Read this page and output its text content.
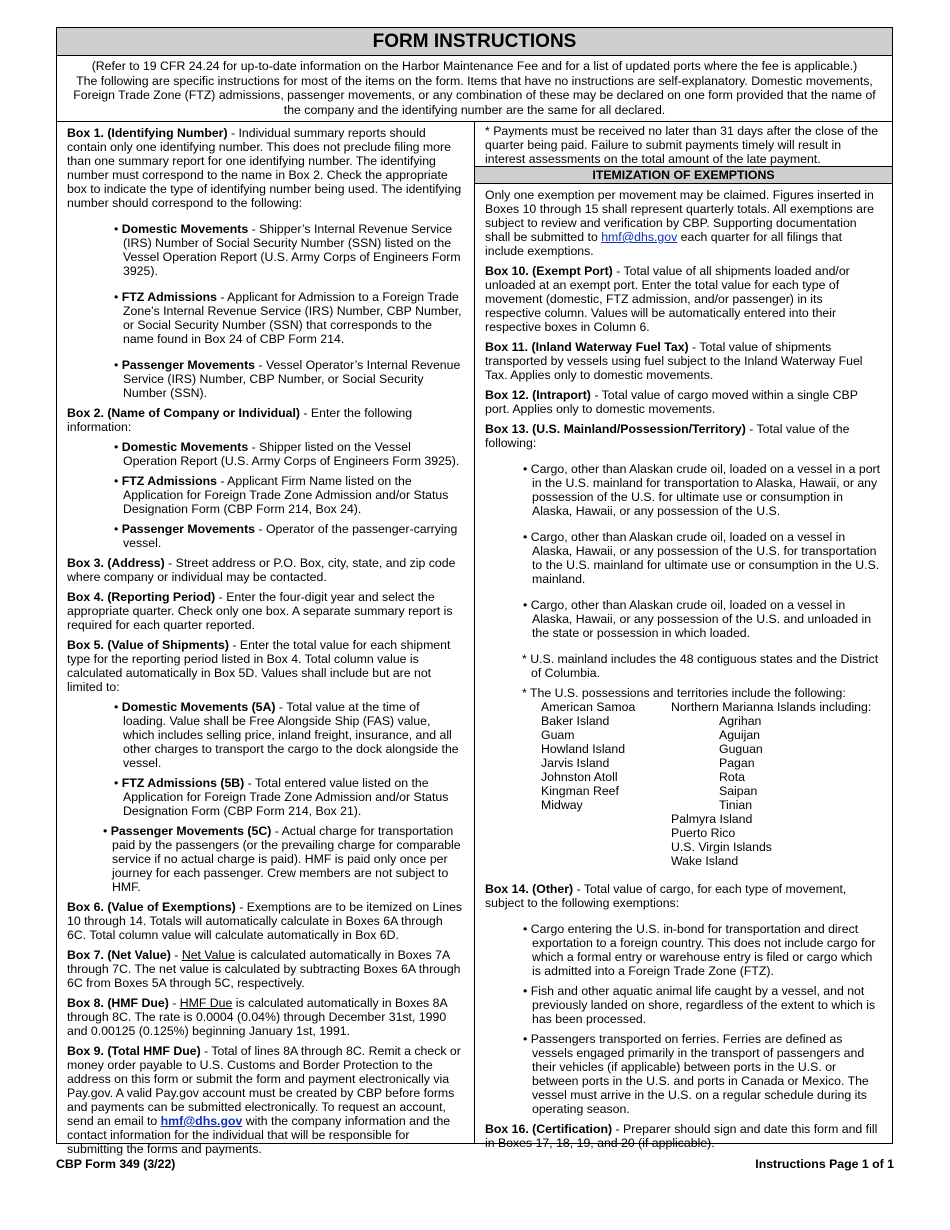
FORM INSTRUCTIONS

(Refer to 19 CFR 24.24 for up-to-date information on the Harbor Maintenance Fee and for a list of updated ports where the fee is applicable.)

The following are specific instructions for most of the items on the form. Items that have no instructions are self-explanatory. Domestic movements, Foreign Trade Zone (FTZ) admissions, passenger movements, or any combination of these may be declared on one form provided that the name of the company and the identifying number are the same for all declared.

Box 1. (Identifying Number) - Individual summary reports should contain only one identifying number. This does not preclude filing more than one summary report for one identifying number. The identifying number must correspond to the name in Box 2. Check the appropriate box to indicate the type of identifying number being used. The identifying number should correspond to the following:

• Domestic Movements - Shipper’s Internal Revenue Service (IRS) Number of Social Security Number (SSN) listed on the Vessel Operation Report (U.S. Army Corps of Engineers Form 3925).

• FTZ Admissions - Applicant for Admission to a Foreign Trade Zone’s Internal Revenue Service (IRS) Number, CBP Number, or Social Security Number (SSN) that corresponds to the name found in Box 24 of CBP Form 214.

• Passenger Movements - Vessel Operator’s Internal Revenue Service (IRS) Number, CBP Number, or Social Security Number (SSN).

Box 2. (Name of Company or Individual) - Enter the following information:

• Domestic Movements - Shipper listed on the Vessel Operation Report (U.S. Army Corps of Engineers Form 3925).

• FTZ Admissions - Applicant Firm Name listed on the Application for Foreign Trade Zone Admission and/or Status Designation Form (CBP Form 214, Box 24).

• Passenger Movements - Operator of the passenger-carrying vessel.

Box 3. (Address) - Street address or P.O. Box, city, state, and zip code where company or individual may be contacted.

Box 4. (Reporting Period) - Enter the four-digit year and select the appropriate quarter. Check only one box. A separate summary report is required for each quarter reported.

Box 5. (Value of Shipments) - Enter the total value for each shipment type for the reporting period listed in Box 4. Total column value is calculated automatically in Box 5D. Values shall include but are not limited to:

• Domestic Movements (5A) - Total value at the time of loading. Value shall be Free Alongside Ship (FAS) value, which includes selling price, inland freight, insurance, and all other charges to transport the cargo to the dock alongside the vessel.

• FTZ Admissions (5B) - Total entered value listed on the Application for Foreign Trade Zone Admission and/or Status Designation Form (CBP Form 214, Box 21).

• Passenger Movements (5C) - Actual charge for transportation paid by the passengers (or the prevailing charge for comparable service if no actual charge is paid). HMF is paid only once per journey for each passenger. Crew members are not subject to HMF.

Box 6. (Value of Exemptions) - Exemptions are to be itemized on Lines 10 through 14. Totals will automatically calculate in Boxes 6A through 6C. Total column value will calculate automatically in Box 6D.

Box 7. (Net Value) - Net Value is calculated automatically in Boxes 7A through 7C. The net value is calculated by subtracting Boxes 6A through 6C from Boxes 5A through 5C, respectively.

Box 8. (HMF Due) - HMF Due is calculated automatically in Boxes 8A through 8C. The rate is 0.0004 (0.04%) through December 31st, 1990 and 0.00125 (0.125%) beginning January 1st, 1991.

Box 9. (Total HMF Due) - Total of lines 8A through 8C. Remit a check or money order payable to U.S. Customs and Border Protection to the address on this form or submit the form and payment electronically via Pay.gov. A valid Pay.gov account must be created by CBP before forms and payments can be submitted electronically. To request an account, send an email to hmf@dhs.gov with the company information and the contact information for the individual that will be responsible for submitting the forms and payments.

* Payments must be received no later than 31 days after the close of the quarter being paid. Failure to submit payments timely will result in interest assessments on the total amount of the late payment.
ITEMIZATION OF EXEMPTIONS

Only one exemption per movement may be claimed. Figures inserted in Boxes 10 through 15 shall represent quarterly totals. All exemptions are subject to review and verification by CBP. Supporting documentation shall be submitted to hmf@dhs.gov each quarter for all filings that include exemptions.

Box 10. (Exempt Port) - Total value of all shipments loaded and/or unloaded at an exempt port. Enter the total value for each type of movement (domestic, FTZ admission, and/or passenger) in its respective column. Values will be automatically entered into their respective boxes in Column 6.

Box 11. (Inland Waterway Fuel Tax) - Total value of shipments transported by vessels using fuel subject to the Inland Waterway Fuel Tax. Applies only to domestic movements.

Box 12. (Intraport) - Total value of cargo moved within a single CBP port. Applies only to domestic movements.

Box 13. (U.S. Mainland/Possession/Territory) - Total value of the following:

• Cargo, other than Alaskan crude oil, loaded on a vessel in a port in the U.S. mainland for transportation to Alaska, Hawaii, or any possession of the U.S. for ultimate use or consumption in Alaska, Hawaii, or any possession of the U.S.

• Cargo, other than Alaskan crude oil, loaded on a vessel in Alaska, Hawaii, or any possession of the U.S. for transportation to the U.S. mainland for ultimate use or consumption in the U.S. mainland.

• Cargo, other than Alaskan crude oil, loaded on a vessel in Alaska, Hawaii, or any possession of the U.S. and unloaded in the state or possession in which loaded.

* U.S. mainland includes the 48 contiguous states and the District of Columbia.

* The U.S. possessions and territories include the following:

American Samoa
Baker Island
Guam
Howland Island
Jarvis Island
Johnston Atoll
Kingman Reef
Midway
Northern Marianna Islands including:
Agrihan
Aguijan
Guguan
Pagan
Rota
Saipan
Tinian
Palmyra Island
Puerto Rico
U.S. Virgin Islands
Wake Island

Box 14. (Other) - Total value of cargo, for each type of movement, subject to the following exemptions:

• Cargo entering the U.S. in-bond for transportation and direct exportation to a foreign country. This does not include cargo for which a formal entry or warehouse entry is filed or cargo which is admitted into a Foreign Trade Zone (FTZ).

• Fish and other aquatic animal life caught by a vessel, and not previously landed on shore, regardless of the extent to which is has been processed.

• Passengers transported on ferries. Ferries are defined as vessels engaged primarily in the transport of passengers and their vehicles (if applicable) between ports in the U.S. or between ports in the U.S. and ports in Canada or Mexico. The vessel must arrive in the U.S. on a regular schedule during its operating season.

Box 16. (Certification) - Preparer should sign and date this form and fill in Boxes 17, 18, 19, and 20 (if applicable).

CBP Form 349 (3/22)	Instructions Page 1 of 1
